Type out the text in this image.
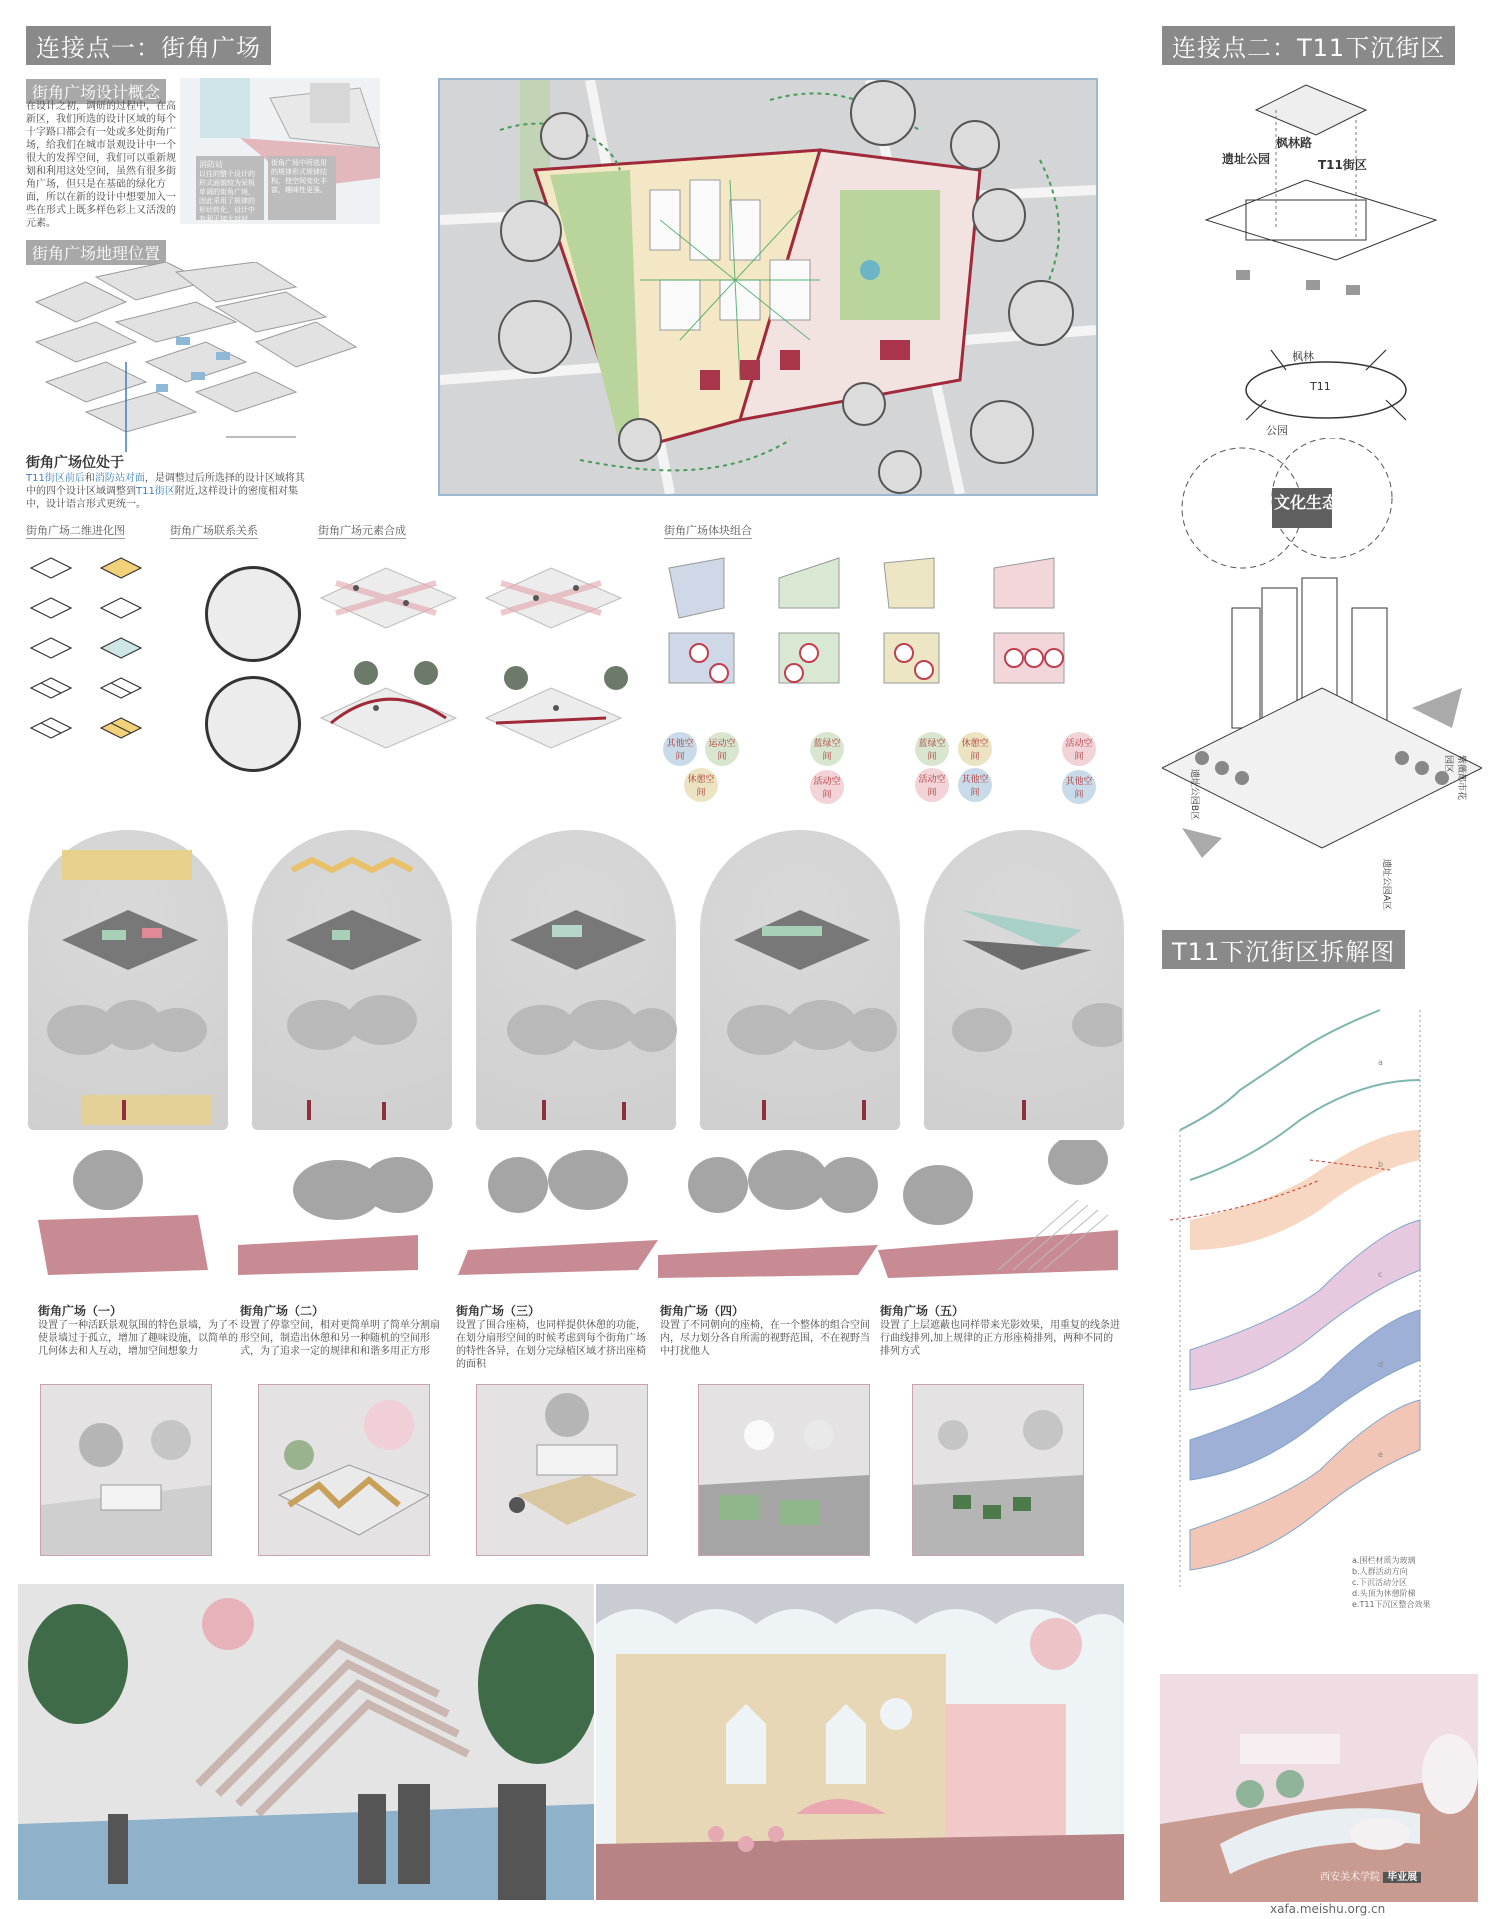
连接点一：街角广场
街角广场设计概念
在设计之初，调研的过程中，在高新区，我们所选的设计区域的每个十字路口都会有一处或多处街角广场，给我们在城市景观设计中一个很大的发挥空间，我们可以重新规划和利用这处空间，虽然有很多街角广场，但只是在基础的绿化方面，所以在新的设计中想要加入一些在形式上既多样色彩上又活泼的元素。
消防站
以往的整个设计的形式面貌较为呆板单调的街角广场，因此采用了规律的形状转化，设计中有利于加大对衬托，使其空间更有趣味性。
街角广场中所选用的规律形式规律结构，使空间变化丰富，趣味性更强。
街角广场地理位置
街角广场位处于
T11街区前后和消防站对面，是调整过后所选择的设计区域将其中的四个设计区域调整到T11街区附近,这样设计的密度相对集中，设计语言形式更统一。
街角广场二维进化图	街角广场联系关系	街角广场元素合成	街角广场体块组合
其他空间
运动空间
休憩空间
蓝绿空间
活动空间
蓝绿空间
休憩空间
活动空间
其他空间
活动空间
其他空间
街角广场（一）
设置了一种活跃景观氛围的特色景墙，为了不使景墙过于孤立，增加了趣味设施，以简单的几何体去和人互动，增加空间想象力
街角广场（二）
设置了停靠空间，相对更简单明了简单分割扇形空间，制造出休憩和另一种随机的空间形式，为了追求一定的规律和和谐多用正方形
街角广场（三）
设置了围合座椅，也同样提供休憩的功能，在划分扇形空间的时候考虑到每个街角广场的特性各异，在划分完绿植区域才挤出座椅的面积
街角广场（四）
设置了不同朝向的座椅，在一个整体的组合空间内，尽力划分各自所需的视野范围，不在视野当中打扰他人
街角广场（五）
设置了上层遮蔽也同样带来光影效果，用重复的线条进行曲线排列,加上规律的正方形座椅排列，两种不同的排列方式
连接点二：T11下沉街区
遗址公园
枫林路
T11街区
枫林
T11
公园
文化生态化
遗址公园B区
遗址公园A区
紫薇都市花园区
T11下沉街区拆解图
a
b
c
d
e
a.围栏材质为玻璃
b.人群活动方向
c.下沉活动分区
d.头顶为休憩阶梯
e.T11下沉区整合效果
西安美术学院 毕业展
xafa.meishu.org.cn
